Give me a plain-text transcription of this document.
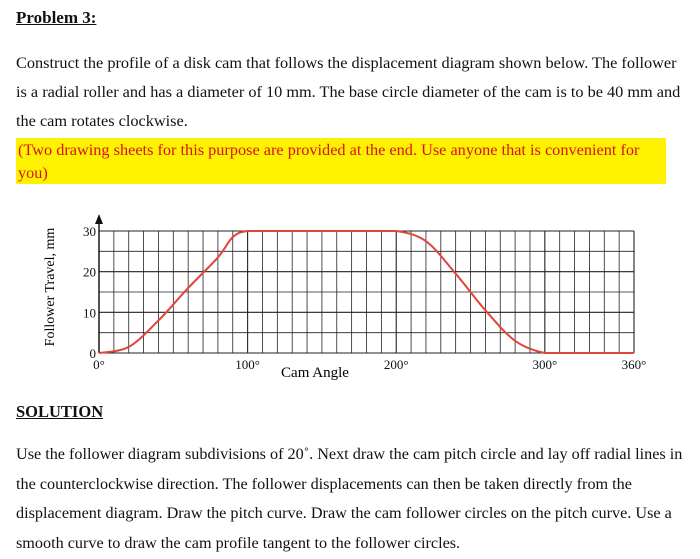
Problem 3:

Construct the profile of a disk cam that follows the displacement diagram shown below. The follower is a radial roller and has a diameter of 10 mm. The base circle diameter of the cam is to be 40 mm and the cam rotates clockwise.

(Two drawing sheets for this purpose are provided at the end. Use anyone that is convenient for you)

0°	100°	200°	300°	360°
0
10
20
30
Follower Travel, mm
Cam Angle

SOLUTION

Use the follower diagram subdivisions of 20˚. Next draw the cam pitch circle and lay off radial lines in the counterclockwise direction. The follower displacements can then be taken directly from the displacement diagram. Draw the pitch curve. Draw the cam follower circles on the pitch curve. Use a smooth curve to draw the cam profile tangent to the follower circles.
